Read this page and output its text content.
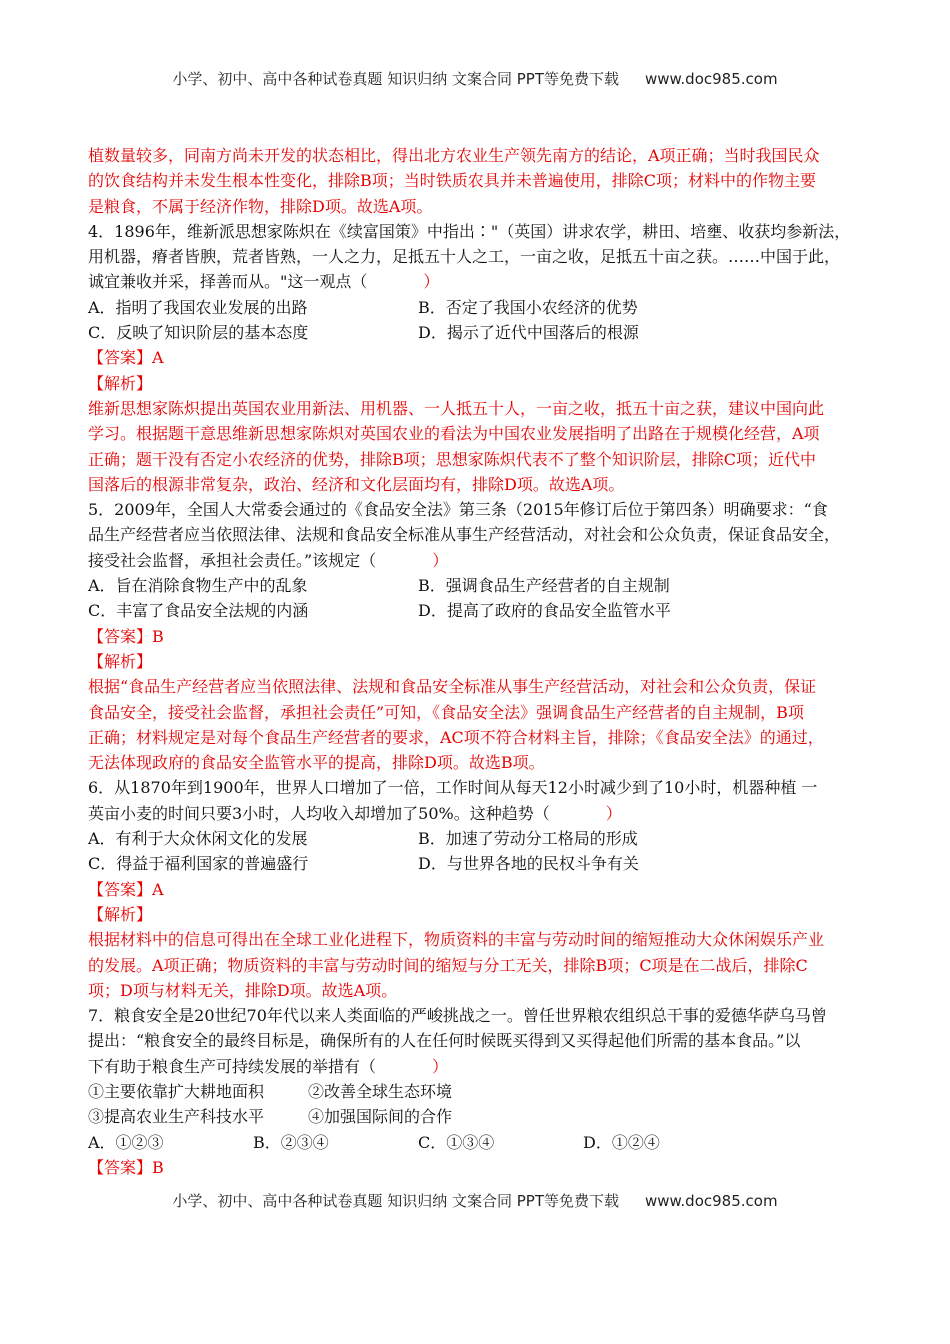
小学、初中、高中各种试卷真题 知识归纳 文案合同 PPT等免费下载 www.doc985.com
植数量较多，同南方尚未开发的状态相比，得出北方农业生产领先南方的结论，A项正确；当时我国民众
的饮食结构并未发生根本性变化，排除B项；当时铁质农具并未普遍使用，排除C项；材料中的作物主要
是粮食，不属于经济作物，排除D项。故选A项。
4．1896年，维新派思想家陈炽在《续富国策》中指出∶"（英国）讲求农学，耕田、培壅、收获均参新法，
用机器，瘠者皆腴，荒者皆熟，一人之力，足抵五十人之工，一亩之收，足抵五十亩之获。……中国于此，
诚宜兼收并采，择善而从。"这一观点（	）
A．指明了我国农业发展的出路	B．否定了我国小农经济的优势
C．反映了知识阶层的基本态度	D．揭示了近代中国落后的根源
【答案】A
【解析】
维新思想家陈炽提出英国农业用新法、用机器、一人抵五十人，一亩之收，抵五十亩之获，建议中国向此
学习。根据题干意思维新思想家陈炽对英国农业的看法为中国农业发展指明了出路在于规模化经营，A项
正确；题干没有否定小农经济的优势，排除B项；思想家陈炽代表不了整个知识阶层，排除C项；近代中
国落后的根源非常复杂，政治、经济和文化层面均有，排除D项。故选A项。
5．2009年，全国人大常委会通过的《食品安全法》第三条（2015年修订后位于第四条）明确要求：“食
品生产经营者应当依照法律、法规和食品安全标准从事生产经营活动，对社会和公众负责，保证食品安全，
接受社会监督，承担社会责任。”该规定（	）
A．旨在消除食物生产中的乱象	B．强调食品生产经营者的自主规制
C．丰富了食品安全法规的内涵	D．提高了政府的食品安全监管水平
【答案】B
【解析】
根据“食品生产经营者应当依照法律、法规和食品安全标准从事生产经营活动，对社会和公众负责，保证
食品安全，接受社会监督，承担社会责任”可知，《食品安全法》强调食品生产经营者的自主规制，B项
正确；材料规定是对每个食品生产经营者的要求，AC项不符合材料主旨，排除；《食品安全法》的通过，
无法体现政府的食品安全监管水平的提高，排除D项。故选B项。
6．从1870年到1900年，世界人口增加了一倍，工作时间从每天12小时减少到了10小时，机器种植 一
英亩小麦的时间只要3小时，人均收入却增加了50%。这种趋势（	）
A．有利于大众休闲文化的发展	B．加速了劳动分工格局的形成
C．得益于福利国家的普遍盛行	D．与世界各地的民权斗争有关
【答案】A
【解析】
根据材料中的信息可得出在全球工业化进程下，物质资料的丰富与劳动时间的缩短推动大众休闲娱乐产业
的发展。A项正确；物质资料的丰富与劳动时间的缩短与分工无关，排除B项；C项是在二战后，排除C
项；D项与材料无关，排除D项。故选A项。
7．粮食安全是20世纪70年代以来人类面临的严峻挑战之一。曾任世界粮农组织总干事的爱德华萨乌马曾
提出：“粮食安全的最终目标是，确保所有的人在任何时候既买得到又买得起他们所需的基本食品。”以
下有助于粮食生产可持续发展的举措有（	）
①主要依靠扩大耕地面积	②改善全球生态环境
③提高农业生产科技水平	④加强国际间的合作
A．①②③	B．②③④	C．①③④	D．①②④
【答案】B
小学、初中、高中各种试卷真题 知识归纳 文案合同 PPT等免费下载 www.doc985.com
